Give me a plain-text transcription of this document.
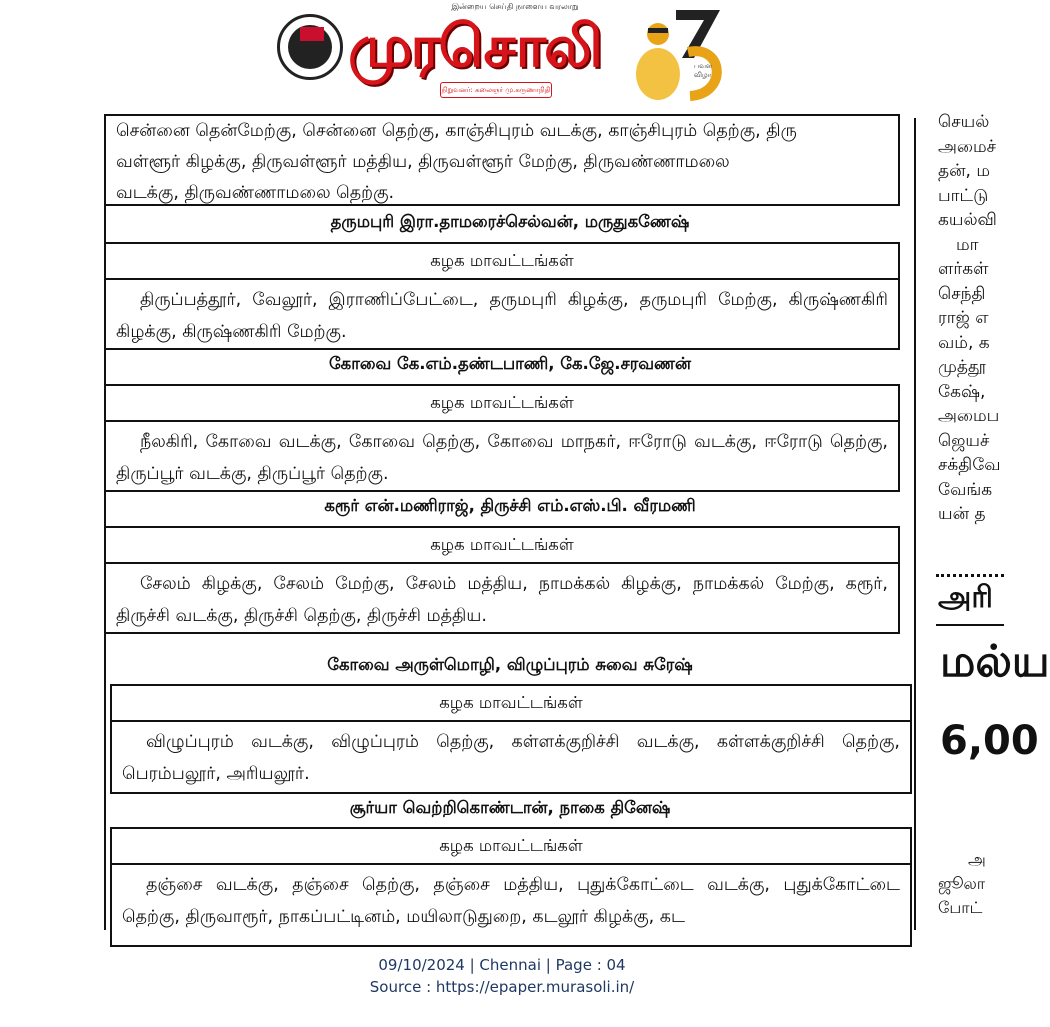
இன்றைய செய்தி நாளைய வரலாறு
முரசொலி
நிறுவனர்: கலைஞர் மு.கருணாநிதி
பவள விழா
சென்னை தென்மேற்கு, சென்னை தெற்கு, காஞ்சிபுரம் வடக்கு, காஞ்சிபுரம் தெற்கு, திரு
வள்ளூர் கிழக்கு, திருவள்ளூர் மத்திய, திருவள்ளூர் மேற்கு, திருவண்ணாமலை
வடக்கு, திருவண்ணாமலை தெற்கு.
தருமபுரி இரா.தாமரைச்செல்வன், மருதுகணேஷ்
கழக மாவட்டங்கள்
திருப்பத்தூர், வேலூர், இராணிப்பேட்டை, தருமபுரி கிழக்கு, தருமபுரி மேற்கு, கிருஷ்ணகிரி கிழக்கு, கிருஷ்ணகிரி மேற்கு.
கோவை கே.எம்.தண்டபாணி, கே.ஜே.சரவணன்
கழக மாவட்டங்கள்
நீலகிரி, கோவை வடக்கு, கோவை தெற்கு, கோவை மாநகர், ஈரோடு வடக்கு, ஈரோடு தெற்கு, திருப்பூர் வடக்கு, திருப்பூர் தெற்கு.
கரூர் என்.மணிராஜ், திருச்சி எம்.எஸ்.பி. வீரமணி
கழக மாவட்டங்கள்
சேலம் கிழக்கு, சேலம் மேற்கு, சேலம் மத்திய, நாமக்கல் கிழக்கு, நாமக்கல் மேற்கு, கரூர், திருச்சி வடக்கு, திருச்சி தெற்கு, திருச்சி மத்திய.
கோவை அருள்மொழி, விழுப்புரம் சுவை சுரேஷ்
கழக மாவட்டங்கள்
விழுப்புரம் வடக்கு, விழுப்புரம் தெற்கு, கள்ளக்குறிச்சி வடக்கு, கள்ளக்குறிச்சி தெற்கு, பெரம்பலூர், அரியலூர்.
சூர்யா வெற்றிகொண்டான், நாகை தினேஷ்
கழக மாவட்டங்கள்
தஞ்சை வடக்கு, தஞ்சை தெற்கு, தஞ்சை மத்திய, புதுக்கோட்டை வடக்கு, புதுக்கோட்டை தெற்கு, திருவாரூர், நாகப்பட்டினம், மயிலாடுதுறை, கடலூர் கிழக்கு, கட
செயல்
அமைச்
தன், ம
பாட்டு
கயல்வி
மா
ளர்கள்
செந்தி
ராஜ் எ
வம், க
முத்தூ
கேஷ்,
அமைப
ஜெயச்
சக்திவே
வேங்க
யன் த
அரி
மல்ய
6,00
அ
ஜூலா
போட்
09/10/2024 | Chennai | Page : 04
Source : https://epaper.murasoli.in/
